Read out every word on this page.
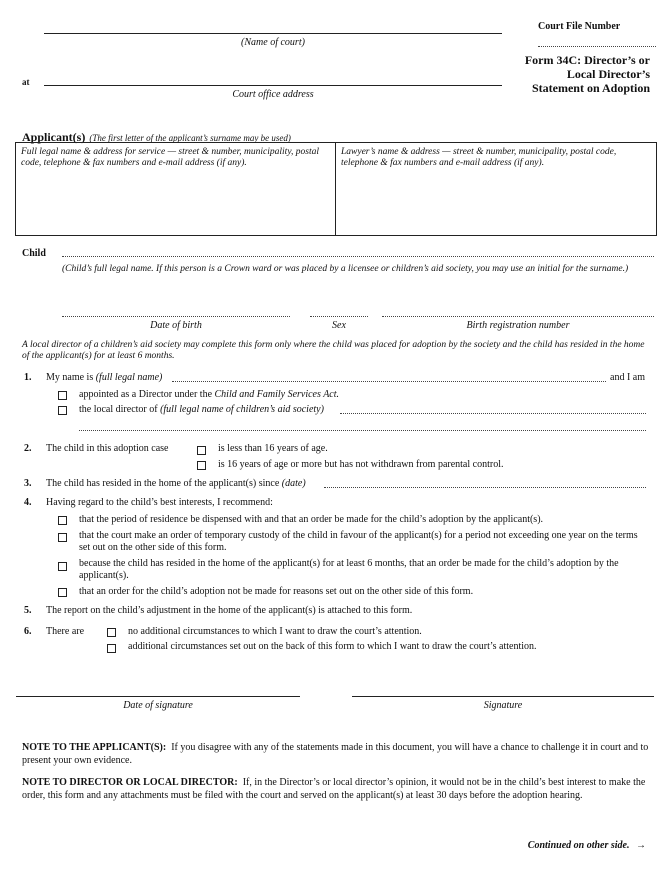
(Name of court)
at
Court office address
Court File Number
Form 34C: Director’s or
Local Director’s
Statement on Adoption
Applicant(s) (The first letter of the applicant’s surname may be used)
Full legal name & address for service — street & number, municipality, postal code, telephone & fax numbers and e-mail address (if any).
Lawyer’s name & address — street & number, municipality, postal code, telephone & fax numbers and e-mail address (if any).
Child
(Child’s full legal name. If this person is a Crown ward or was placed by a licensee or children’s aid society, you may use an initial for the surname.)
Date of birth	Sex	Birth registration number
A local director of a children’s aid society may complete this form only where the child was placed for adoption by the society and the child has resided in the home of the applicant(s) for at least 6 months.
1. My name is (full legal name)	and I am
appointed as a Director under the Child and Family Services Act.
the local director of (full legal name of children’s aid society)
2. The child in this adoption case	is less than 16 years of age.
is 16 years of age or more but has not withdrawn from parental control.
3. The child has resided in the home of the applicant(s) since (date)
4. Having regard to the child’s best interests, I recommend:
that the period of residence be dispensed with and that an order be made for the child’s adoption by the applicant(s).
that the court make an order of temporary custody of the child in favour of the applicant(s) for a period not exceeding one year on the terms set out on the other side of this form.
because the child has resided in the home of the applicant(s) for at least 6 months, that an order be made for the child’s adoption by the applicant(s).
that an order for the child’s adoption not be made for reasons set out on the other side of this form.
5. The report on the child’s adjustment in the home of the applicant(s) is attached to this form.
6. There are	no additional circumstances to which I want to draw the court’s attention.
additional circumstances set out on the back of this form to which I want to draw the court’s attention.
Date of signature	Signature
NOTE TO THE APPLICANT(S): If you disagree with any of the statements made in this document, you will have a chance to challenge it in court and to present your own evidence.
NOTE TO DIRECTOR OR LOCAL DIRECTOR: If, in the Director’s or local director’s opinion, it would not be in the child’s best interest to make the order, this form and any attachments must be filed with the court and served on the applicant(s) at least 30 days before the adoption hearing.
Continued on other side. →
